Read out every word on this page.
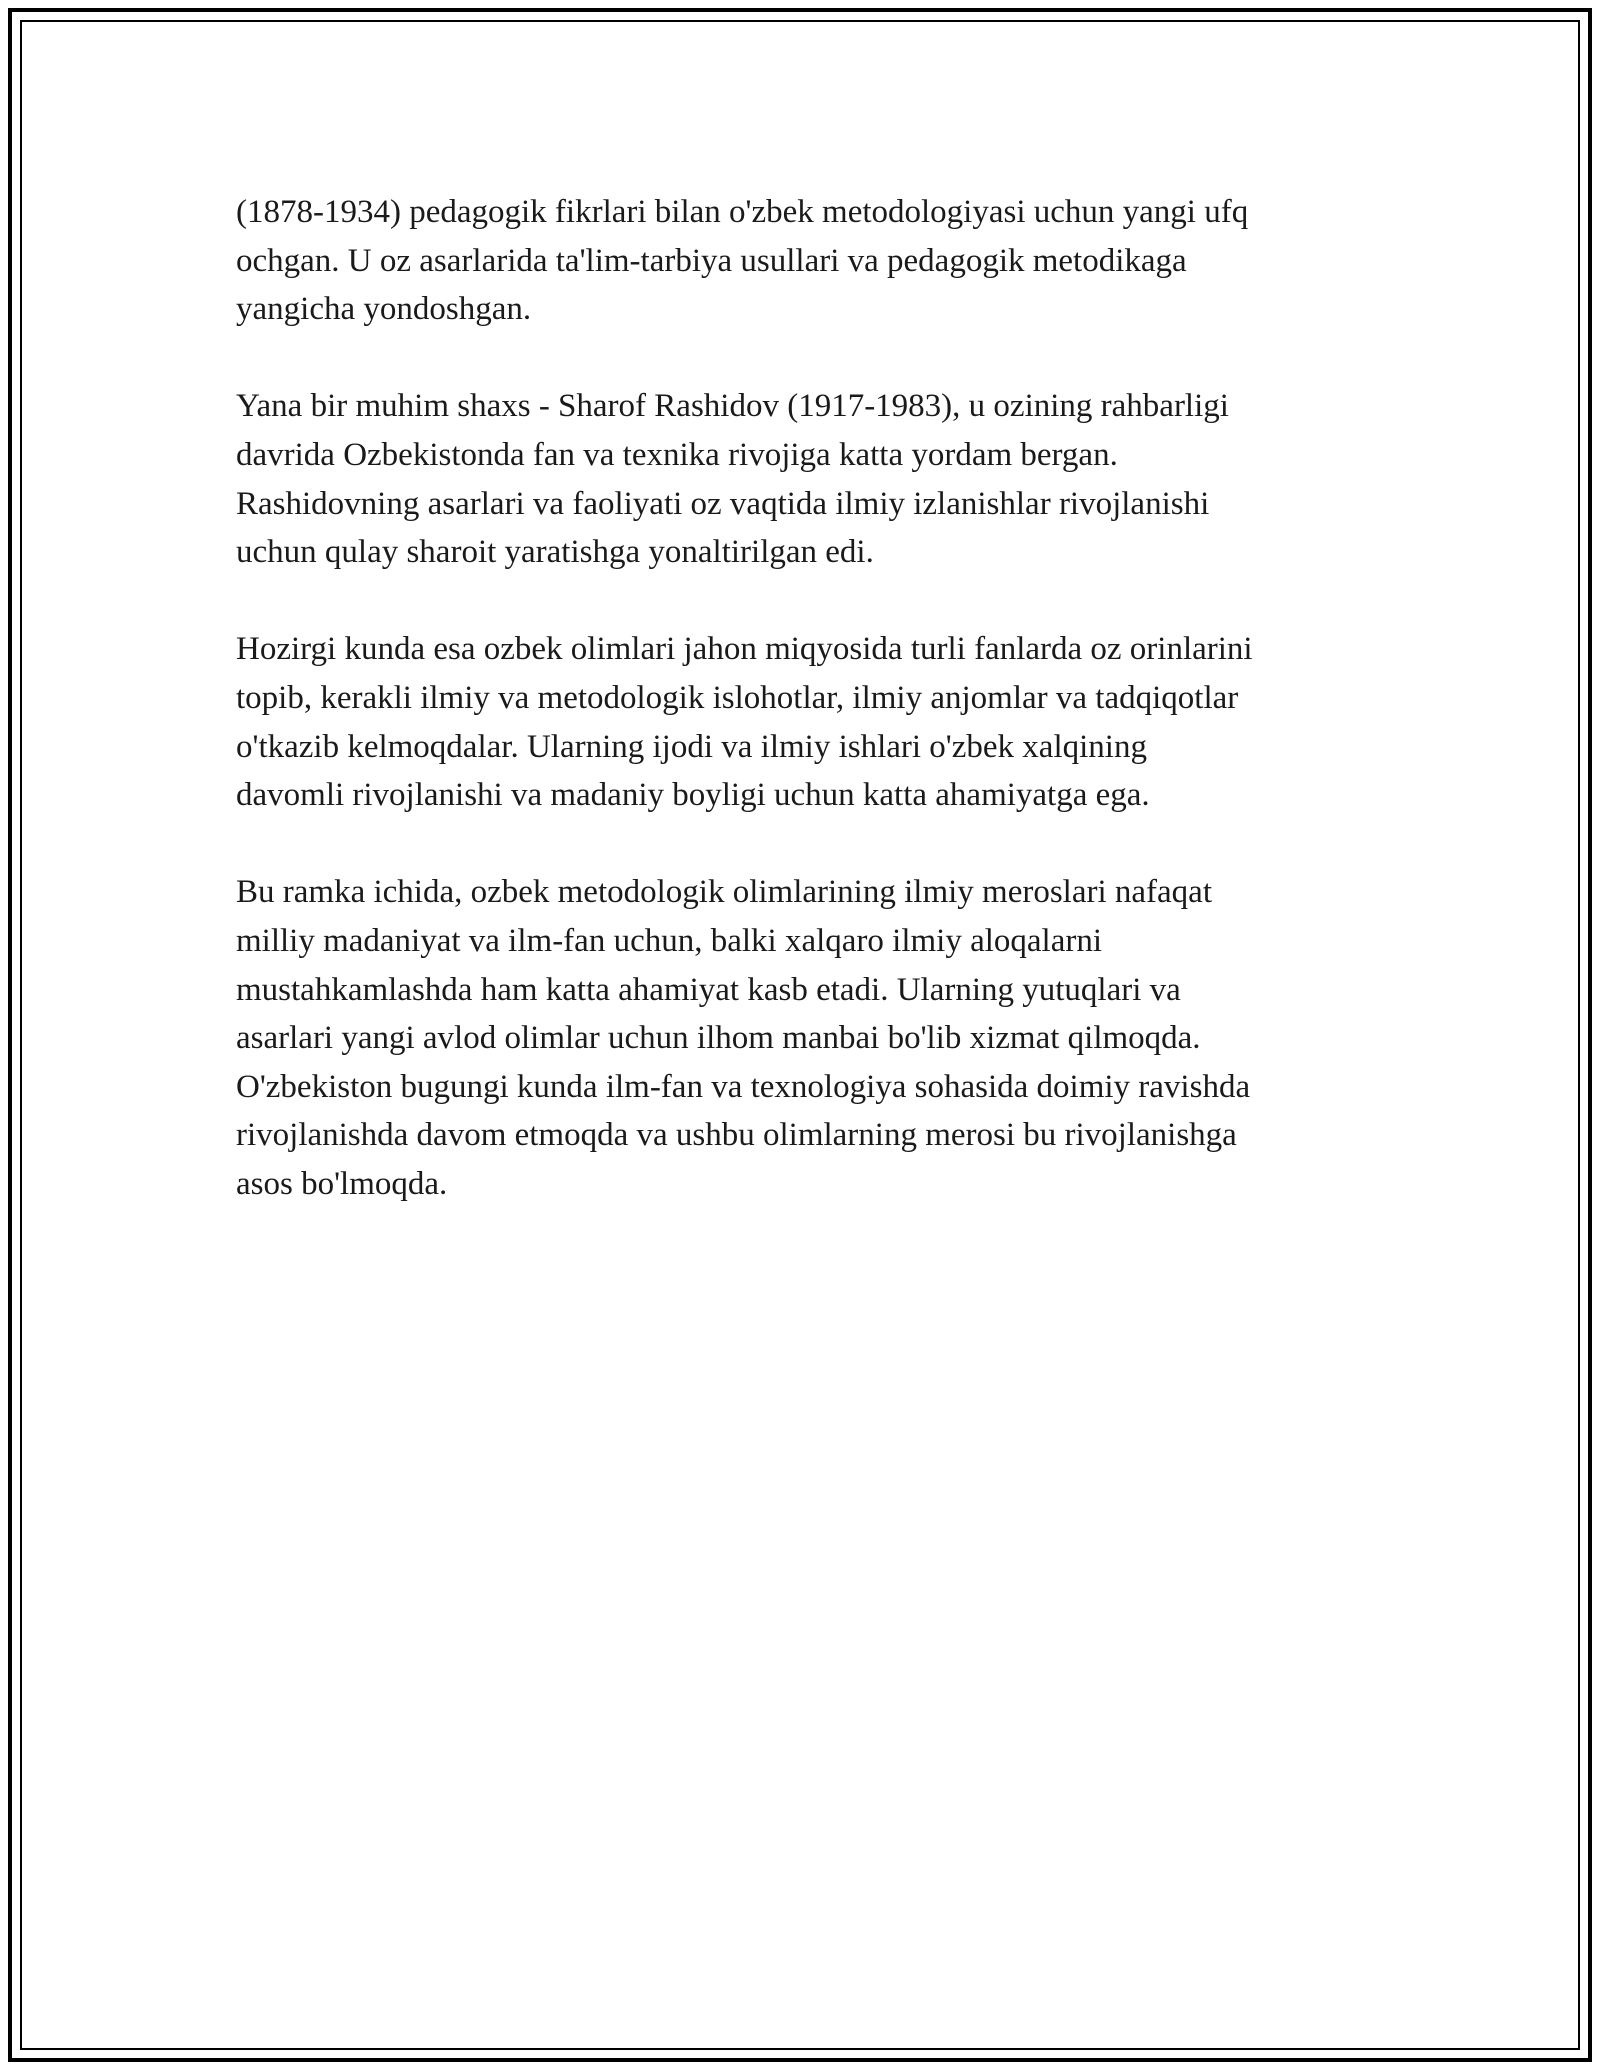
(1878-1934) pedagogik fikrlari bilan o'zbek metodologiyasi uchun yangi ufq
ochgan. U oz asarlarida ta'lim-tarbiya usullari va pedagogik metodikaga
yangicha yondoshgan.

Yana bir muhim shaxs - Sharof Rashidov (1917-1983), u ozining rahbarligi
davrida Ozbekistonda fan va texnika rivojiga katta yordam bergan.
Rashidovning asarlari va faoliyati oz vaqtida ilmiy izlanishlar rivojlanishi
uchun qulay sharoit yaratishga yonaltirilgan edi.

Hozirgi kunda esa ozbek olimlari jahon miqyosida turli fanlarda oz orinlarini
topib, kerakli ilmiy va metodologik islohotlar, ilmiy anjomlar va tadqiqotlar
o'tkazib kelmoqdalar. Ularning ijodi va ilmiy ishlari o'zbek xalqining
davomli rivojlanishi va madaniy boyligi uchun katta ahamiyatga ega.

Bu ramka ichida, ozbek metodologik olimlarining ilmiy meroslari nafaqat
milliy madaniyat va ilm-fan uchun, balki xalqaro ilmiy aloqalarni
mustahkamlashda ham katta ahamiyat kasb etadi. Ularning yutuqlari va
asarlari yangi avlod olimlar uchun ilhom manbai bo'lib xizmat qilmoqda.
O'zbekiston bugungi kunda ilm-fan va texnologiya sohasida doimiy ravishda
rivojlanishda davom etmoqda va ushbu olimlarning merosi bu rivojlanishga
asos bo'lmoqda.
